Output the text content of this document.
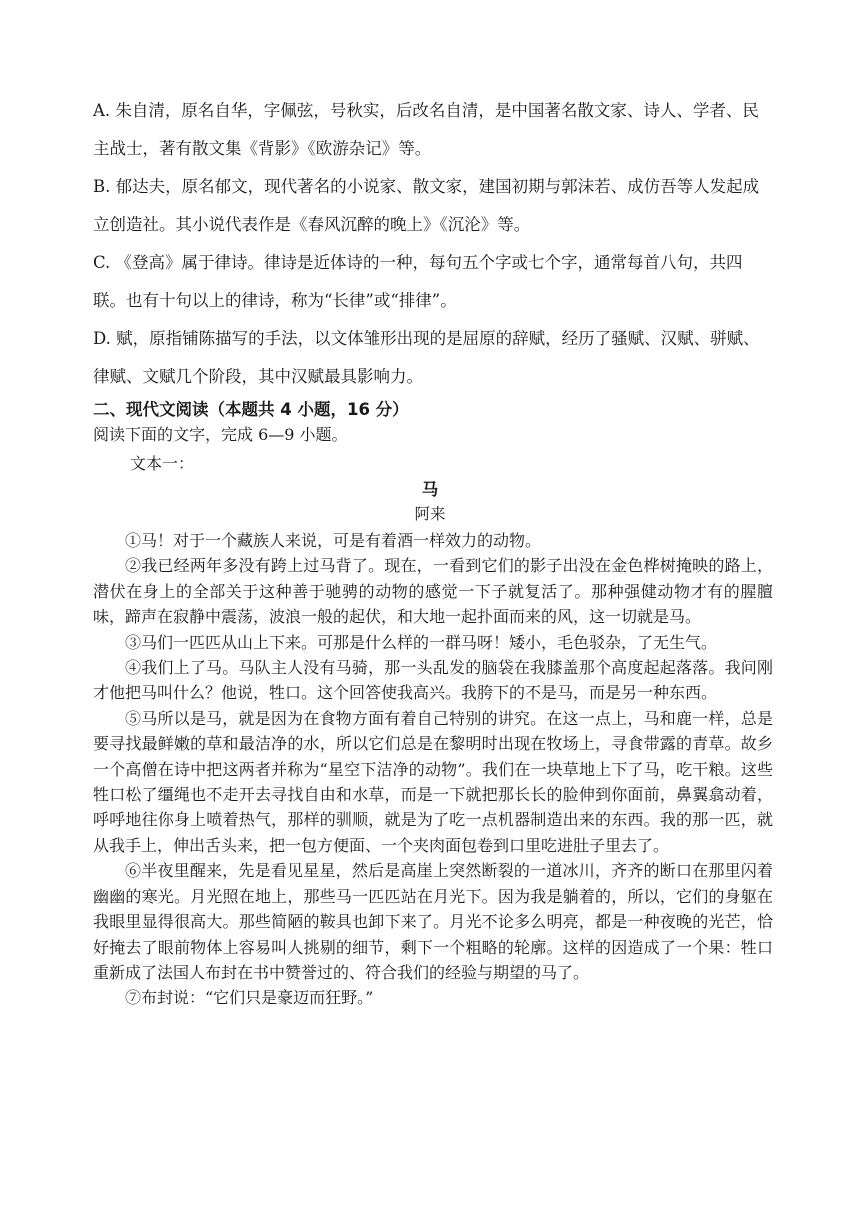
A. 朱自清，原名自华，字佩弦，号秋实，后改名自清，是中国著名散文家、诗人、学者、民主战士，著有散文集《背影》《欧游杂记》等。

B. 郁达夫，原名郁文，现代著名的小说家、散文家，建国初期与郭沫若、成仿吾等人发起成立创造社。其小说代表作是《春风沉醉的晚上》《沉沦》等。

C. 《登高》属于律诗。律诗是近体诗的一种，每句五个字或七个字，通常每首八句，共四联。也有十句以上的律诗，称为“长律”或“排律”。

D. 赋，原指铺陈描写的手法，以文体雏形出现的是屈原的辞赋，经历了骚赋、汉赋、骈赋、律赋、文赋几个阶段，其中汉赋最具影响力。

二、现代文阅读（本题共 4 小题，16 分）

阅读下面的文字，完成 6—9 小题。

文本一：

马

阿来

①马！对于一个藏族人来说，可是有着酒一样效力的动物。

②我已经两年多没有跨上过马背了。现在，一看到它们的影子出没在金色桦树掩映的路上，潜伏在身上的全部关于这种善于驰骋的动物的感觉一下子就复活了。那种强健动物才有的腥膻味，蹄声在寂静中震荡，波浪一般的起伏，和大地一起扑面而来的风，这一切就是马。

③马们一匹匹从山上下来。可那是什么样的一群马呀！矮小，毛色驳杂，了无生气。

④我们上了马。马队主人没有马骑，那一头乱发的脑袋在我膝盖那个高度起起落落。我问刚才他把马叫什么？他说，牲口。这个回答使我高兴。我胯下的不是马，而是另一种东西。

⑤马所以是马，就是因为在食物方面有着自己特别的讲究。在这一点上，马和鹿一样，总是要寻找最鲜嫩的草和最洁净的水，所以它们总是在黎明时出现在牧场上，寻食带露的青草。故乡一个高僧在诗中把这两者并称为“星空下洁净的动物”。我们在一块草地上下了马，吃干粮。这些牲口松了缰绳也不走开去寻找自由和水草，而是一下就把那长长的脸伸到你面前，鼻翼翕动着，呼呼地往你身上喷着热气，那样的驯顺，就是为了吃一点机器制造出来的东西。我的那一匹，就从我手上，伸出舌头来，把一包方便面、一个夹肉面包卷到口里吃进肚子里去了。

⑥半夜里醒来，先是看见星星，然后是高崖上突然断裂的一道冰川，齐齐的断口在那里闪着幽幽的寒光。月光照在地上，那些马一匹匹站在月光下。因为我是躺着的，所以，它们的身躯在我眼里显得很高大。那些简陋的鞍具也卸下来了。月光不论多么明亮，都是一种夜晚的光芒，恰好掩去了眼前物体上容易叫人挑剔的细节，剩下一个粗略的轮廓。这样的因造成了一个果：牲口重新成了法国人布封在书中赞誉过的、符合我们的经验与期望的马了。

⑦布封说：“它们只是豪迈而狂野。”
